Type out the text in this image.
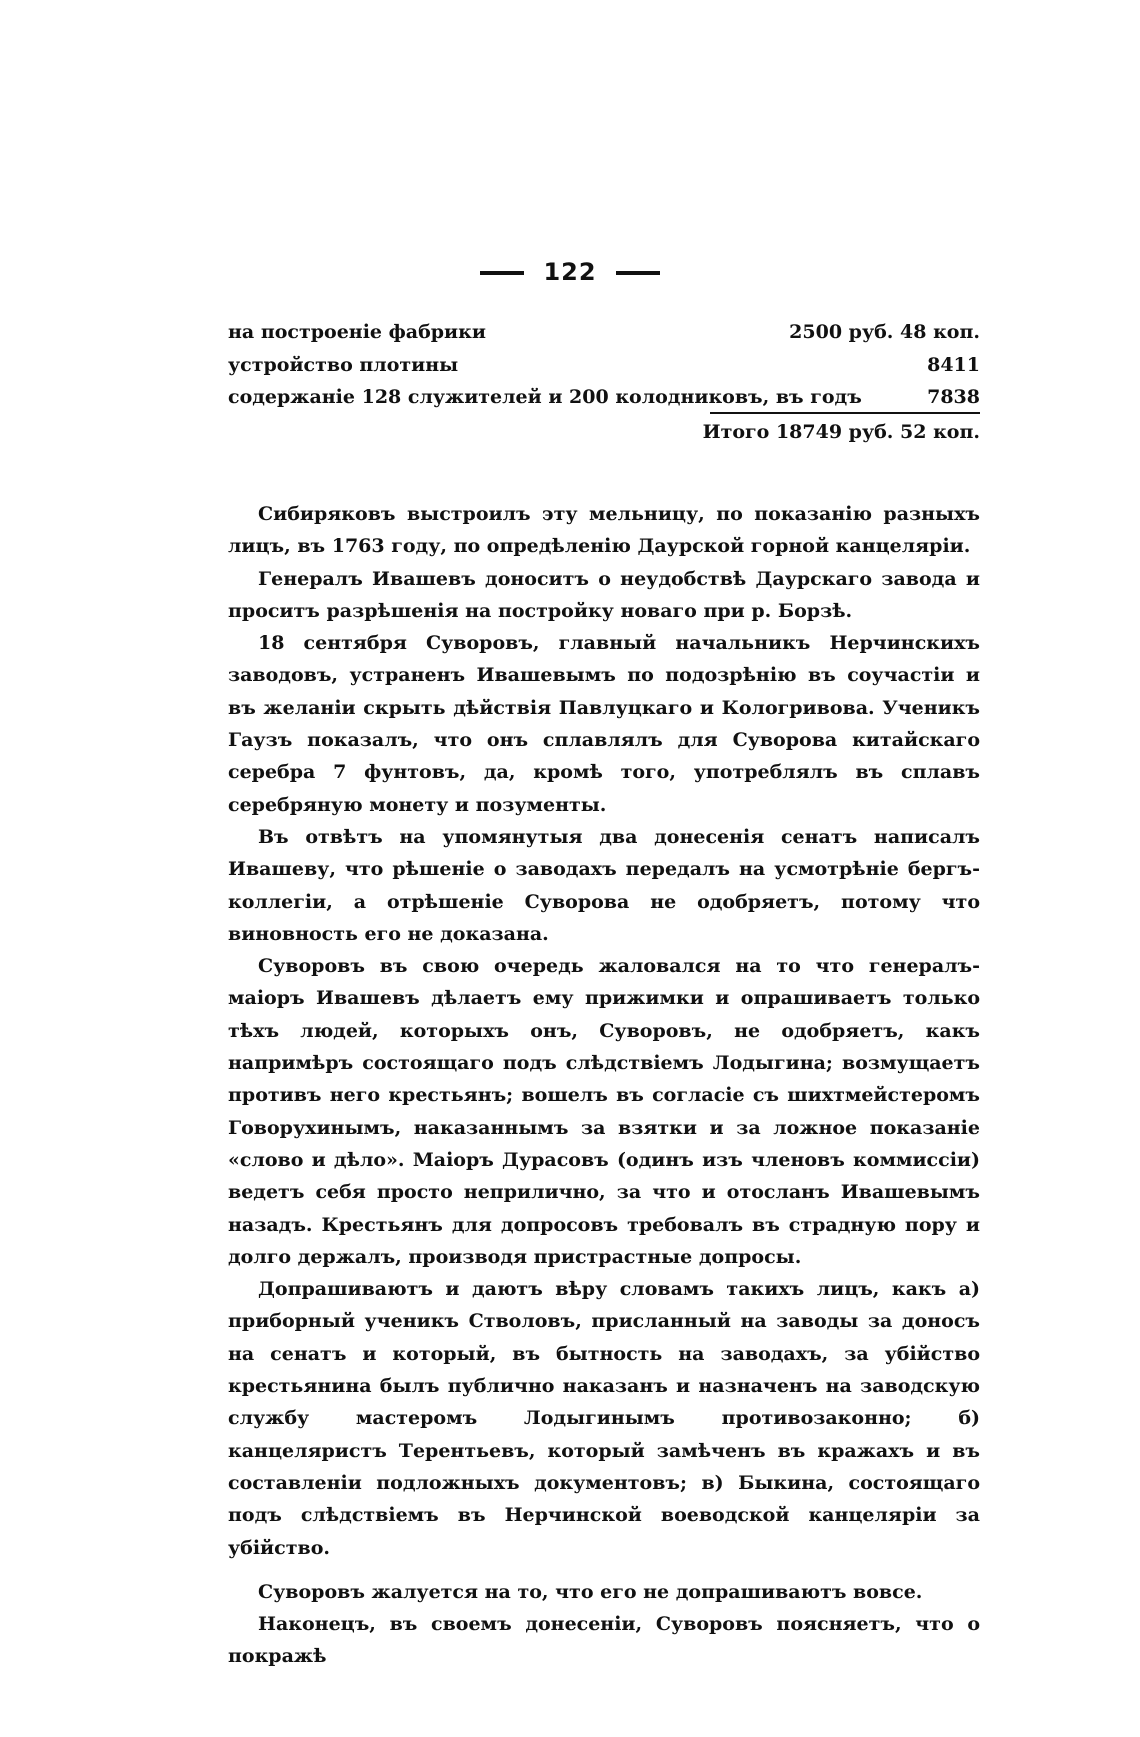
122
на построеніе фабрики	2500 руб. 48 коп.
устройство плотины	8411
содержаніе 128 служителей и 200 колодниковъ, въ годъ	7838
Итого 18749 руб. 52 коп.

Сибиряковъ выстроилъ эту мельницу, по показанію разныхъ лицъ, въ 1763 году, по опредѣленію Даурской горной канцеляріи.

Генералъ Ивашевъ доноситъ о неудобствѣ Даурскаго завода и проситъ разрѣшенія на постройку новаго при р. Борзѣ.

18 сентября Суворовъ, главный начальникъ Нерчинскихъ заводовъ, устраненъ Ивашевымъ по подозрѣнію въ соучастіи и въ желаніи скрыть дѣйствія Павлуцкаго и Кологривова. Ученикъ Гаузъ показалъ, что онъ сплавлялъ для Суворова китайскаго серебра 7 фунтовъ, да, кромѣ того, употреблялъ въ сплавъ серебряную монету и позументы.

Въ отвѣтъ на упомянутыя два донесенія сенатъ написалъ Ивашеву, что рѣшеніе о заводахъ передалъ на усмотрѣніе бергъ-коллегіи, а отрѣшеніе Суворова не одобряетъ, потому что виновность его не доказана.

Суворовъ въ свою очередь жаловался на то что генералъ-маіоръ Ивашевъ дѣлаетъ ему прижимки и опрашиваетъ только тѣхъ людей, которыхъ онъ, Суворовъ, не одобряетъ, какъ напримѣръ состоящаго подъ слѣдствіемъ Лодыгина; возмущаетъ противъ него крестьянъ; вошелъ въ согласіе съ шихтмейстеромъ Говорухинымъ, наказаннымъ за взятки и за ложное показаніе «слово и дѣло». Маіоръ Дурасовъ (одинъ изъ членовъ коммиссіи) ведетъ себя просто неприлично, за что и отосланъ Ивашевымъ назадъ. Крестьянъ для допросовъ требовалъ въ страдную пору и долго держалъ, производя пристрастные допросы.

Допрашиваютъ и даютъ вѣру словамъ такихъ лицъ, какъ а) приборный ученикъ Стволовъ, присланный на заводы за доносъ на сенатъ и который, въ бытность на заводахъ, за убійство крестьянина былъ публично наказанъ и назначенъ на заводскую службу мастеромъ Лодыгинымъ противозаконно; б) канцеляристъ Терентьевъ, который замѣченъ въ кражахъ и въ составленіи подложныхъ документовъ; в) Быкина, состоящаго подъ слѣдствіемъ въ Нерчинской воеводской канцеляріи за убійство.

Суворовъ жалуется на то, что его не допрашиваютъ вовсе.

Наконецъ, въ своемъ донесеніи, Суворовъ поясняетъ, что о покражѣ
